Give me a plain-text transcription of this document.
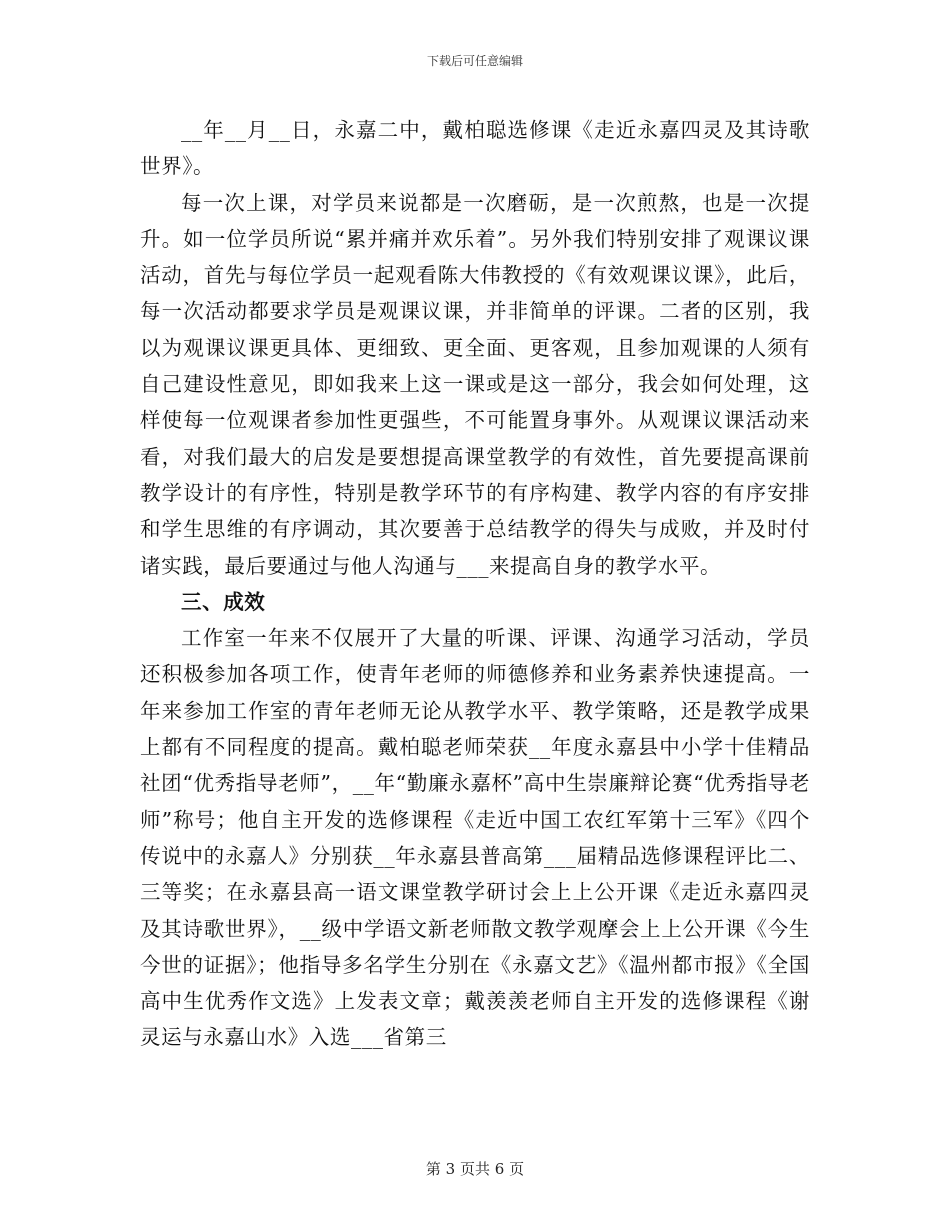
下载后可任意编辑

__年__月__日，永嘉二中，戴柏聪选修课《走近永嘉四灵及其诗歌世界》。

每一次上课，对学员来说都是一次磨砺，是一次煎熬，也是一次提升。如一位学员所说“累并痛并欢乐着”。另外我们特别安排了观课议课活动，首先与每位学员一起观看陈大伟教授的《有效观课议课》，此后，每一次活动都要求学员是观课议课，并非简单的评课。二者的区别，我以为观课议课更具体、更细致、更全面、更客观，且参加观课的人须有自己建设性意见，即如我来上这一课或是这一部分，我会如何处理，这样使每一位观课者参加性更强些，不可能置身事外。从观课议课活动来看，对我们最大的启发是要想提高课堂教学的有效性，首先要提高课前教学设计的有序性，特别是教学环节的有序构建、教学内容的有序安排和学生思维的有序调动，其次要善于总结教学的得失与成败，并及时付诸实践，最后要通过与他人沟通与___来提高自身的教学水平。

三、成效

工作室一年来不仅展开了大量的听课、评课、沟通学习活动，学员还积极参加各项工作，使青年老师的师德修养和业务素养快速提高。一年来参加工作室的青年老师无论从教学水平、教学策略，还是教学成果上都有不同程度的提高。戴柏聪老师荣获__年度永嘉县中小学十佳精品社团“优秀指导老师”，__年“勤廉永嘉杯”高中生崇廉辩论赛“优秀指导老师”称号；他自主开发的选修课程《走近中国工农红军第十三军》《四个传说中的永嘉人》分别获__年永嘉县普高第___届精品选修课程评比二、三等奖；在永嘉县高一语文课堂教学研讨会上上公开课《走近永嘉四灵及其诗歌世界》，__级中学语文新老师散文教学观摩会上上公开课《今生今世的证据》；他指导多名学生分别在《永嘉文艺》《温州都市报》《全国高中生优秀作文选》上发表文章；戴羡羡老师自主开发的选修课程《谢灵运与永嘉山水》入选___省第三

第 3 页共 6 页
